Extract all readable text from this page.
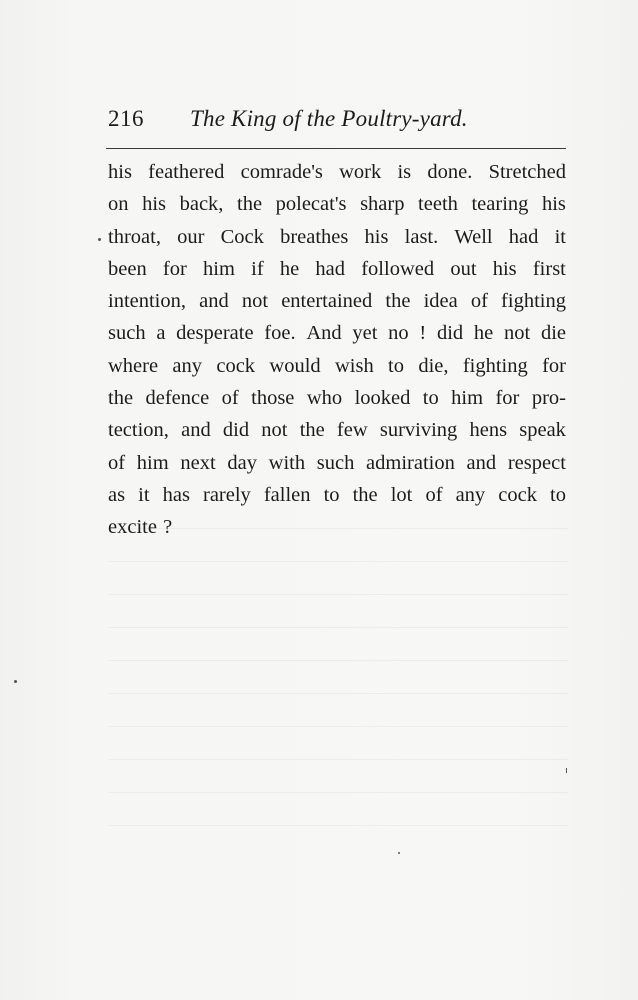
216 The King of the Poultry-yard.
his feathered comrade's work is done. Stretched
on his back, the polecat's sharp teeth tearing his
throat, our Cock breathes his last. Well had it
been for him if he had followed out his first
intention, and not entertained the idea of fighting
such a desperate foe. And yet no ! did he not die
where any cock would wish to die, fighting for
the defence of those who looked to him for pro-
tection, and did not the few surviving hens speak
of him next day with such admiration and respect
as it has rarely fallen to the lot of any cock to
excite ?
